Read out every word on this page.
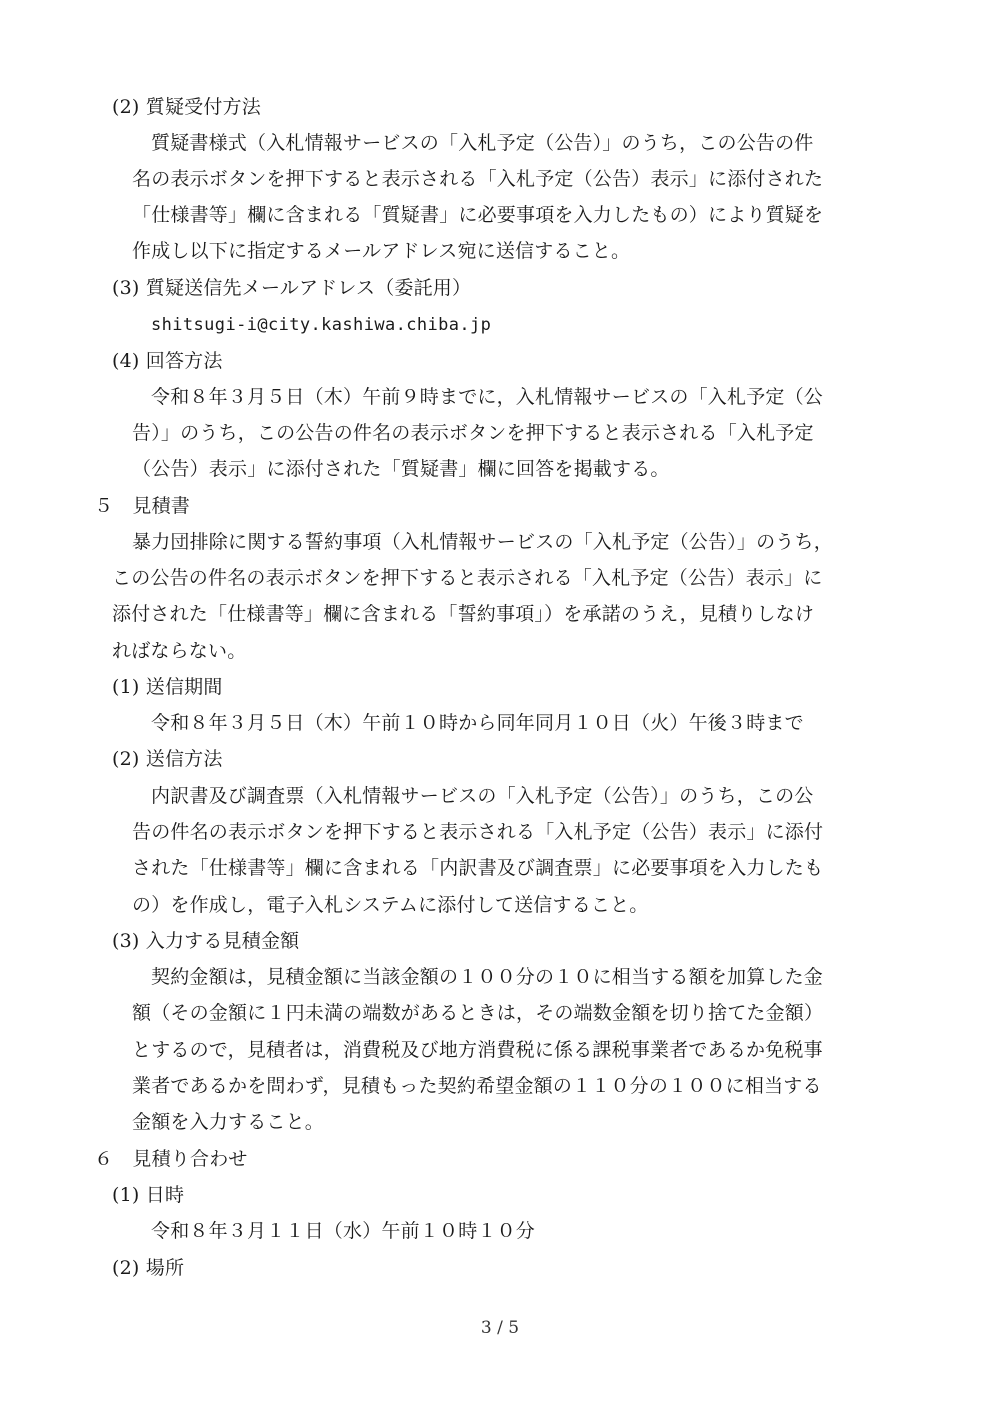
(2) 質疑受付方法
質疑書様式（入札情報サービスの「入札予定（公告）」のうち，この公告の件
名の表示ボタンを押下すると表示される「入札予定（公告）表示」に添付された
「仕様書等」欄に含まれる「質疑書」に必要事項を入力したもの）により質疑を
作成し以下に指定するメールアドレス宛に送信すること。
(3) 質疑送信先メールアドレス（委託用）
shitsugi-i@city.kashiwa.chiba.jp
(4) 回答方法
令和８年３月５日（木）午前９時までに，入札情報サービスの「入札予定（公
告）」のうち，この公告の件名の表示ボタンを押下すると表示される「入札予定
（公告）表示」に添付された「質疑書」欄に回答を掲載する。
５　見積書
暴力団排除に関する誓約事項（入札情報サービスの「入札予定（公告）」のうち，
この公告の件名の表示ボタンを押下すると表示される「入札予定（公告）表示」に
添付された「仕様書等」欄に含まれる「誓約事項」）を承諾のうえ，見積りしなけ
ればならない。
(1) 送信期間
令和８年３月５日（木）午前１０時から同年同月１０日（火）午後３時まで
(2) 送信方法
内訳書及び調査票（入札情報サービスの「入札予定（公告）」のうち，この公
告の件名の表示ボタンを押下すると表示される「入札予定（公告）表示」に添付
された「仕様書等」欄に含まれる「内訳書及び調査票」に必要事項を入力したも
の）を作成し，電子入札システムに添付して送信すること。
(3) 入力する見積金額
契約金額は，見積金額に当該金額の１００分の１０に相当する額を加算した金
額（その金額に１円未満の端数があるときは，その端数金額を切り捨てた金額）
とするので，見積者は，消費税及び地方消費税に係る課税事業者であるか免税事
業者であるかを問わず，見積もった契約希望金額の１１０分の１００に相当する
金額を入力すること。
６　見積り合わせ
(1) 日時
令和８年３月１１日（水）午前１０時１０分
(2) 場所
3 / 5
